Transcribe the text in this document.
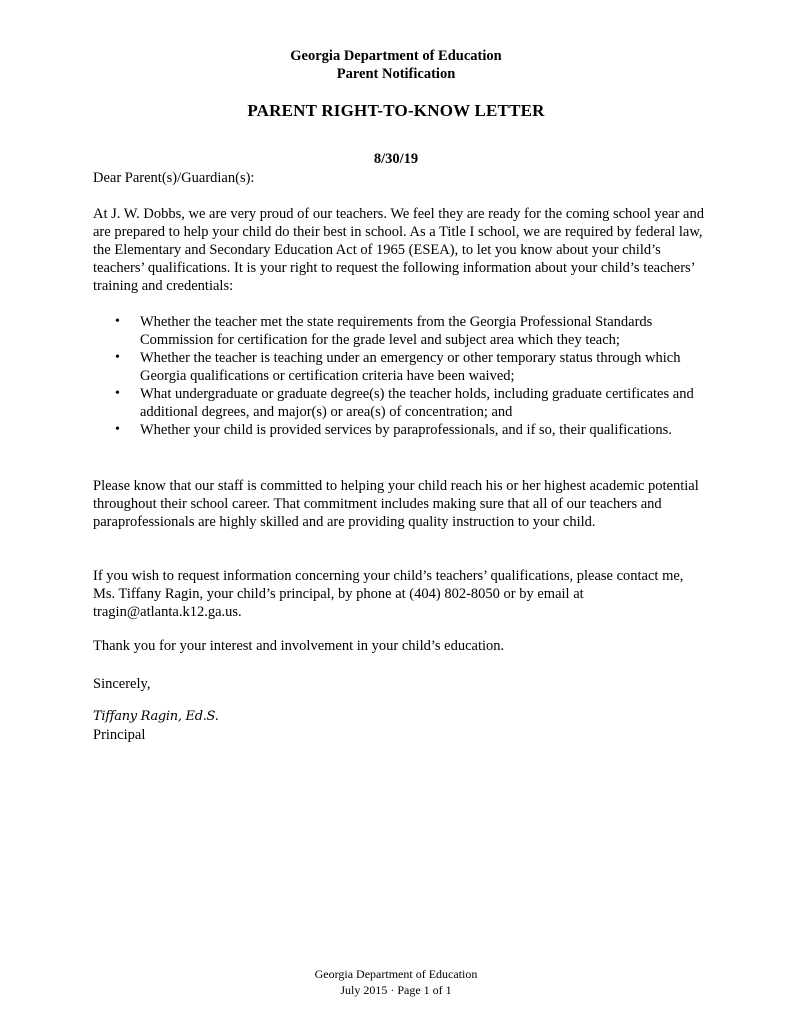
Georgia Department of Education
Parent Notification
PARENT RIGHT-TO-KNOW LETTER
8/30/19
Dear Parent(s)/Guardian(s):
At J. W. Dobbs, we are very proud of our teachers. We feel they are ready for the coming school year and are prepared to help your child do their best in school. As a Title I school, we are required by federal law, the Elementary and Secondary Education Act of 1965 (ESEA), to let you know about your child’s teachers’ qualifications. It is your right to request the following information about your child’s teachers’ training and credentials:
• Whether the teacher met the state requirements from the Georgia Professional Standards Commission for certification for the grade level and subject area which they teach;
• Whether the teacher is teaching under an emergency or other temporary status through which Georgia qualifications or certification criteria have been waived;
• What undergraduate or graduate degree(s) the teacher holds, including graduate certificates and additional degrees, and major(s) or area(s) of concentration; and
• Whether your child is provided services by paraprofessionals, and if so, their qualifications.
Please know that our staff is committed to helping your child reach his or her highest academic potential throughout their school career. That commitment includes making sure that all of our teachers and paraprofessionals are highly skilled and are providing quality instruction to your child.
If you wish to request information concerning your child’s teachers’ qualifications, please contact me, Ms. Tiffany Ragin, your child’s principal, by phone at (404) 802-8050 or by email at tragin@atlanta.k12.ga.us.
Thank you for your interest and involvement in your child’s education.
Sincerely,
Tiffany Ragin, Ed.S.
Principal
Georgia Department of Education
July 2015 · Page 1 of 1
